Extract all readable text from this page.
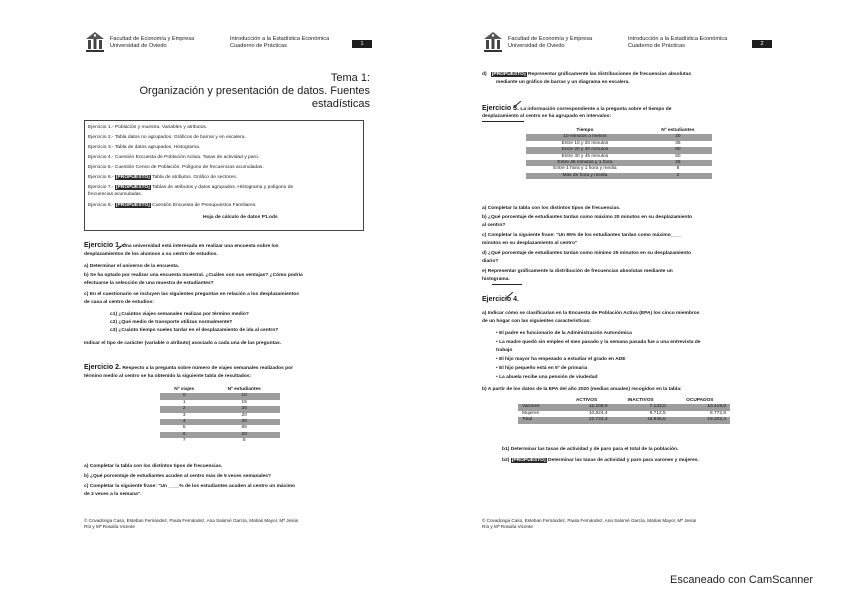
Facultad de Economía y Empresa
Universidad de Oviedo
Introducción a la Estadística Económica
Cuaderno de Prácticas	1
Tema 1:
Organización y presentación de datos. Fuentes
estadísticas
Ejercicio 1.- Población y muestra. Variables y atributos.
Ejercicio 2.- Tabla datos no agrupados. Gráficos de barras y en escalera.
Ejercicio 3.- Tabla de datos agrupados. Histograma.
Ejercicio 4.- Cuestión Encuesta de Población Activa. Tasas de actividad y paro.
Ejercicio 5.- Cuestión Censo de Población. Polígono de frecuencias acumuladas.
Ejercicio 6.- [PROPUESTO] Tabla de atributos. Gráfico de sectores.
Ejercicio 7.- [PROPUESTO] Tablas de atributos y datos agrupados. Histograma y polígono de
frecuencias acumuladas.
Ejercicio 8.- [PROPUESTO] Cuestión Encuesta de Presupuestos Familiares.
Hoja de cálculo de datos P1.ods
Ejercicio 1. Una universidad está interesada en realizar una encuesta sobre los
desplazamientos de los alumnos a su centro de estudios.
a) Determinar el universo de la encuesta.
b) Se ha optado por realizar una encuesta muestral. ¿Cuáles son sus ventajas? ¿Cómo podría
efectuarse la selección de una muestra de estudiantes?
c) En el cuestionario se incluyen las siguientes preguntas en relación a los desplazamientos
de casa al centro de estudios:
c1) ¿Cuántos viajes semanales realizas por término medio?
c2) ¿Qué medio de transporte utilizas normalmente?
c3) ¿Cuánto tiempo sueles tardar en el desplazamiento de ida al centro?
Indicar el tipo de carácter (variable o atributo) asociado a cada una de las preguntas.
Ejercicio 2. Respecto a la pregunta sobre número de viajes semanales realizados por
término medio al centro se ha obtenido la siguiente tabla de resultados:
Nº viajes	Nº estudiantes
0	10
1	15
2	25
3	20
4	30
5	65
6	20
7	5
a) Completar la tabla con los distintos tipos de frecuencias.
b) ¿Qué porcentaje de estudiantes acuden al centro más de 5 veces semanales?
c) Completar la siguiente frase: "Un ____% de los estudiantes acuden al centro un máximo
de 2 veces a la semana".
© Covadonga Caso, Esteban Fernández, Paula Fernández, Ana Salomé García, Matías Mayor, Mª Jesús
Río y Mª Rosalía Vicente
Facultad de Economía y Empresa
Universidad de Oviedo
Introducción a la Estadística Económica
Cuaderno de Prácticas	2
d)   [PROPUESTO] Representar gráficamente las distribuciones de frecuencias absolutas
mediante un gráfico de barras y un diagrama en escalera.
Ejercicio 3. La información correspondiente a la pregunta sobre el tiempo de
desplazamiento al centro se ha agrupado en intervalos:
Tiempo	Nº estudiantes
10 minutos o menos	20
Entre 10 y 20 minutos	35
Entre 20 y 30 minutos	60
Entre 30 y 45 minutos	50
Entre 45 minutos y 1 hora	25
Entre 1 hora y 1 hora y media	8
Más de hora y media	2
a) Completar la tabla con los distintos tipos de frecuencias.
b) ¿Qué porcentaje de estudiantes tardan como máximo 20 minutos en su desplazamiento
al centro?
c) Completar la siguiente frase: "Un 95% de los estudiantes tardan como máximo____
minutos en su desplazamiento al centro"
d) ¿Qué porcentaje de estudiantes tardan como mínimo 25 minutos en su desplazamiento
diario?
e) Representar gráficamente la distribución de frecuencias absolutas mediante un
histograma.
Ejercicio 4.
a) Indicar cómo se clasificarían en la Encuesta de Población Activa (EPA) los cinco miembros
de un hogar con las siguientes características:
• El padre es funcionario de la Administración Autonómica
• La madre quedó sin empleo el mes pasado y la semana pasada fue a una entrevista de
trabajo
• El hijo mayor ha empezado a estudiar el grado en ADE
• El hijo pequeño está en 5º de primaria
• La abuela recibe una pensión de viudedad
b) A partir de los datos de la EPA del año 2020 (medias anuales) recogidos en la tabla:
	ACTIVOS	INACTIVOS	OCUPADOS
Varones	12.108,9	7.133,0	10.419,6
Mujeres	10.624,4	9.712,5	8.772,8
Total	22.733,3	16.845,5	19.202,4
b1) Determinar las tasas de actividad y de paro para el total de la población.
b2) [PROPUESTO] Determinar las tasas de actividad y paro para varones y mujeres.
© Covadonga Caso, Esteban Fernández, Paula Fernández, Ana Salomé García, Matías Mayor, Mª Jesús
Río y Mª Rosalía Vicente
Escaneado con CamScanner
